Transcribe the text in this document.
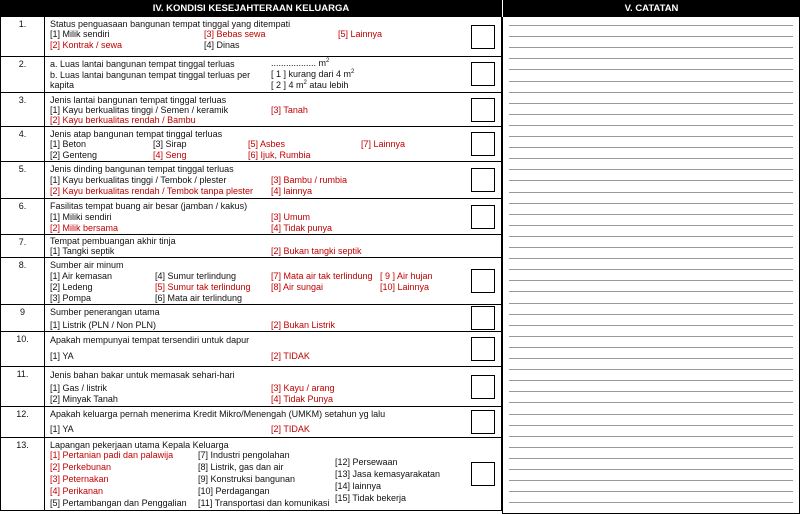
IV. KONDISI KESEJAHTERAAN KELUARGA	V. CATATAN
1.	Status penguasaan bangunan tempat tinggal yang ditempati
[1] Milik sendiri	[3] Bebas sewa	[5] Lainnya
[2] Kontrak / sewa	[4] Dinas
2.	a. Luas lantai bangunan tempat tinggal terluas	.................. $m^2$
b. Luas lantai bangunan tempat tinggal terluas per
kapita
[ 1 ] kurang dari 4 $m^2$
[ 2 ] 4 $m^2$ atau lebih
3.	Jenis lantai bangunan tempat tinggal terluas
[1] Kayu berkualitas tinggi / Semen / keramik	[3] Tanah
[2] Kayu berkualitas rendah / Bambu
4.	Jenis atap bangunan tempat tinggal terluas
[1] Beton	[3] Sirap	[5] Asbes	[7] Lainnya
[2] Genteng	[4] Seng	[6] Ijuk, Rumbia
5.	Jenis dinding bangunan tempat tinggal terluas
[1] Kayu berkualitas tinggi / Tembok / plester	[3] Bambu / rumbia
[2] Kayu berkualitas rendah / Tembok tanpa plester [4] lainnya
6.	Fasilitas tempat buang air besar (jamban / kakus)
[1] Miliki sendiri	[3] Umum
[2] Milik bersama	[4] Tidak punya
7.	Tempat pembuangan akhir tinja
[1] Tangki septik	[2] Bukan tangki septik
8.	Sumber air minum
[1] Air kemasan	[4] Sumur terlindung	[7] Mata air tak terlindung [ 9 ] Air hujan
[2] Ledeng	[5] Sumur tak terlindung [8] Air sungai	[10] Lainnya
[3] Pompa	[6] Mata air terlindung
9	Sumber penerangan utama
[1] Listrik (PLN / Non PLN)	[2] Bukan Listrik
10.	Apakah mempunyai tempat tersendiri untuk dapur
[1] YA	[2] TIDAK
11.	Jenis bahan bakar untuk memasak sehari-hari
[1] Gas / listrik	[3] Kayu / arang
[2] Minyak Tanah	[4] Tidak Punya
12.	Apakah keluarga pernah menerima Kredit Mikro/Menengah (UMKM) setahun yg lalu
[1] YA	[2] TIDAK
13.	Lapangan pekerjaan utama Kepala Keluarga
[1] Pertanian padi dan palawija
[2] Perkebunan
[3] Peternakan
[4] Perikanan
[5] Pertambangan dan Penggalian
[7] Industri pengolahan
[8] Listrik, gas dan air
[9] Konstruksi bangunan
[10] Perdagangan
[11] Transportasi dan komunikasi
[12] Persewaan
[13] Jasa kemasyarakatan
[14] lainnya
[15] Tidak bekerja
